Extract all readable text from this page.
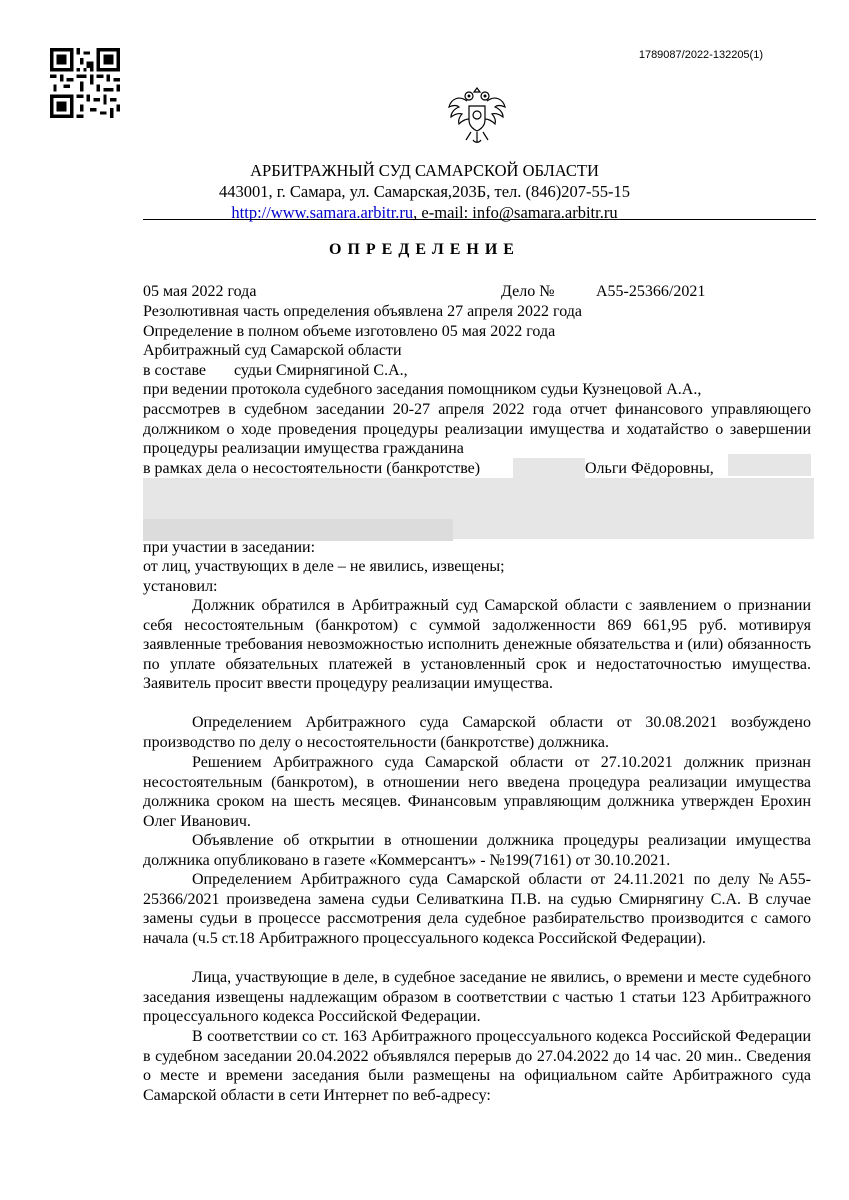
1789087/2022-132205(1)
АРБИТРАЖНЫЙ СУД САМАРСКОЙ ОБЛАСТИ
443001, г. Самара, ул. Самарская,203Б, тел. (846)207-55-15
http://www.samara.arbitr.ru, e-mail: info@samara.arbitr.ru
ОПРЕДЕЛЕНИЕ
05 мая 2022 года	Дело №	А55-25366/2021
Резолютивная часть определения объявлена 27 апреля 2022 года
Определение в полном объеме изготовлено 05 мая 2022 года
Арбитражный суд Самарской области
в составе       судьи Смирнягиной С.А.,
при ведении протокола судебного заседания помощником судьи Кузнецовой А.А.,
рассмотрев в судебном заседании 20-27 апреля 2022 года отчет финансового управляющего должником о ходе проведения процедуры реализации имущества и ходатайство о завершении процедуры реализации имущества гражданина
в рамках дела о несостоятельности (банкротстве)	Ольги Фёдоровны,
при участии в заседании:
от лиц, участвующих в деле – не явились, извещены;
установил:
Должник обратился в Арбитражный суд Самарской области с заявлением о признании себя несостоятельным (банкротом) с суммой задолженности 869 661,95 руб. мотивируя заявленные требования невозможностью исполнить денежные обязательства и (или) обязанность по уплате обязательных платежей в установленный срок и недостаточностью имущества. Заявитель просит ввести процедуру реализации имущества.
Определением Арбитражного суда Самарской области от 30.08.2021 возбуждено производство по делу о несостоятельности (банкротстве) должника.
Решением Арбитражного суда Самарской области от 27.10.2021 должник признан несостоятельным (банкротом), в отношении него введена процедура реализации имущества должника сроком на шесть месяцев. Финансовым управляющим должника утвержден Ерохин Олег Иванович.
Объявление об открытии в отношении должника процедуры реализации имущества должника опубликовано в газете «Коммерсантъ» - №199(7161) от 30.10.2021.
Определением Арбитражного суда Самарской области от 24.11.2021 по делу №А55- 25366/2021 произведена замена судьи Селиваткина П.В. на судью Смирнягину С.А. В случае замены судьи в процессе рассмотрения дела судебное разбирательство производится с самого начала (ч.5 ст.18 Арбитражного процессуального кодекса Российской Федерации).
Лица, участвующие в деле, в судебное заседание не явились, о времени и месте судебного заседания извещены надлежащим образом в соответствии с частью 1 статьи 123 Арбитражного процессуального кодекса Российской Федерации.
В соответствии со ст. 163 Арбитражного процессуального кодекса Российской Федерации в судебном заседании 20.04.2022 объявлялся перерыв до 27.04.2022 до 14 час. 20 мин.. Сведения о месте и времени заседания были размещены на официальном сайте Арбитражного суда Самарской области в сети Интернет по веб-адресу:
